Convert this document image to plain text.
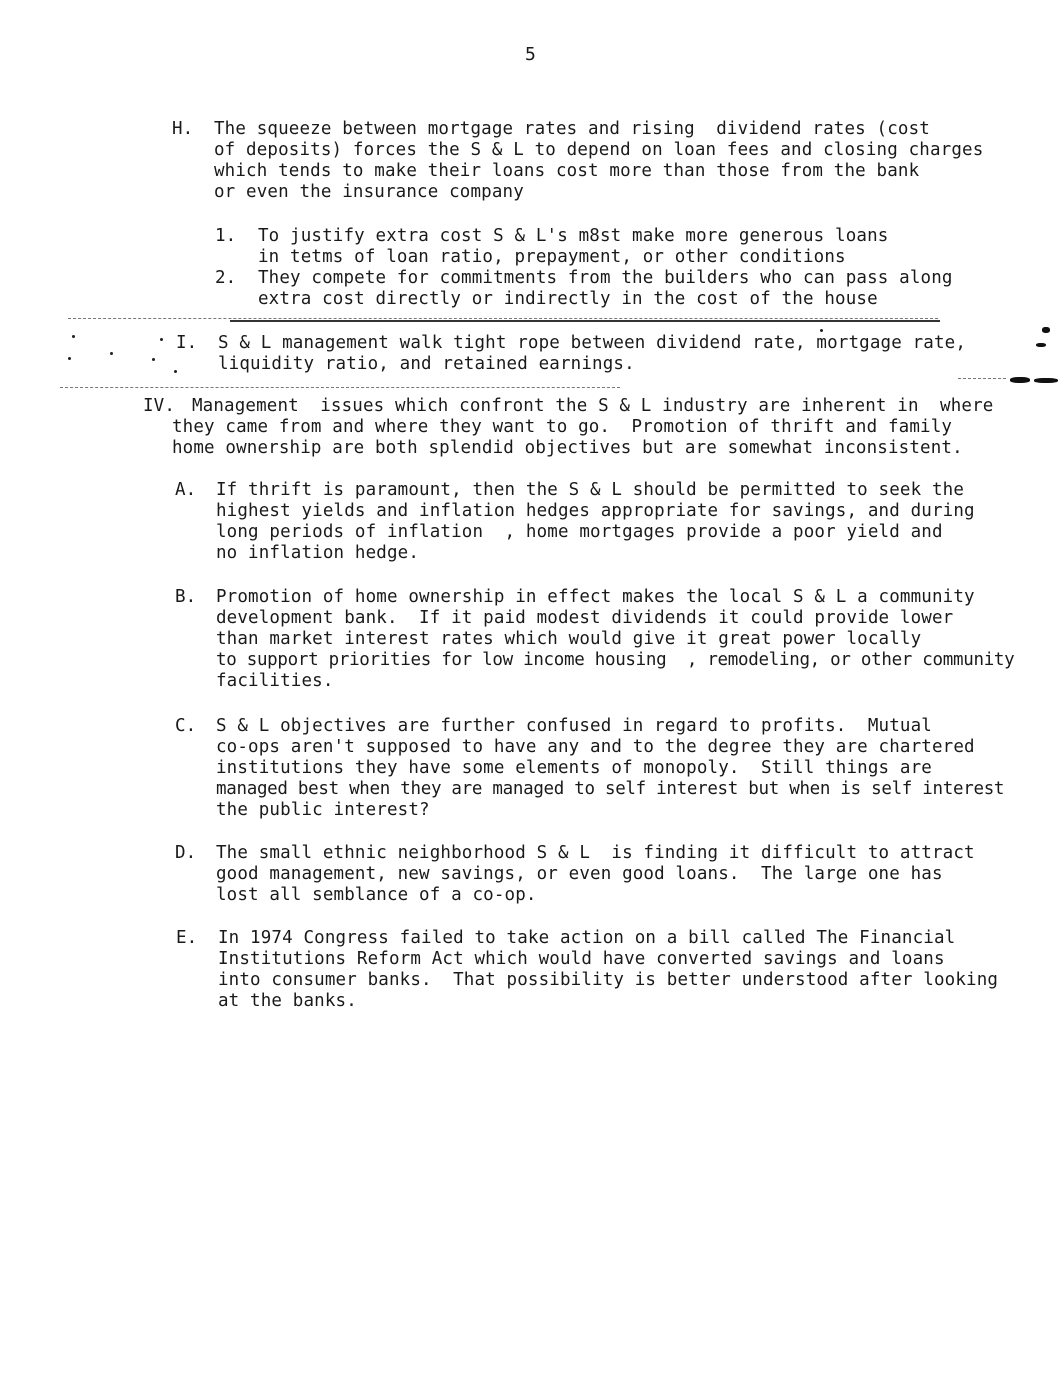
5
H. The squeeze between mortgage rates and rising  dividend rates (cost
of deposits) forces the S & L to depend on loan fees and closing charges
which tends to make their loans cost more than those from the bank
or even the insurance company
1. To justify extra cost S & L's m8st make more generous loans
in tetms of loan ratio, prepayment, or other conditions
2. They compete for commitments from the builders who can pass along
extra cost directly or indirectly in the cost of the house
I. S & L management walk tight rope between dividend rate, mortgage rate,
liquidity ratio, and retained earnings.
IV. Management  issues which confront the S & L industry are inherent in  where
they came from and where they want to go.  Promotion of thrift and family
home ownership are both splendid objectives but are somewhat inconsistent.
A. If thrift is paramount, then the S & L should be permitted to seek the
highest yields and inflation hedges appropriate for savings, and during
long periods of inflation  , home mortgages provide a poor yield and
no inflation hedge.
B. Promotion of home ownership in effect makes the local S & L a community
development bank.  If it paid modest dividends it could provide lower
than market interest rates which would give it great power locally
to support priorities for low income housing  , remodeling, or other community
facilities.
C. S & L objectives are further confused in regard to profits.  Mutual
co-ops aren't supposed to have any and to the degree they are chartered
institutions they have some elements of monopoly.  Still things are
managed best when they are managed to self interest but when is self interest
the public interest?
D. The small ethnic neighborhood S & L  is finding it difficult to attract
good management, new savings, or even good loans.  The large one has
lost all semblance of a co-op.
E. In 1974 Congress failed to take action on a bill called The Financial
Institutions Reform Act which would have converted savings and loans
into consumer banks.  That possibility is better understood after looking
at the banks.
